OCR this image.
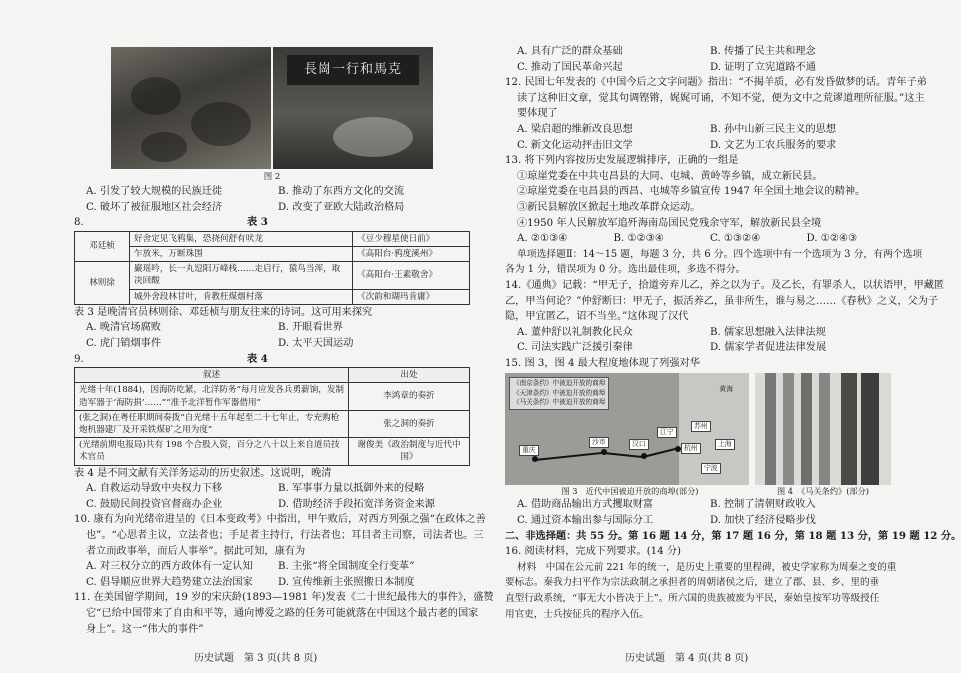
長崗一行和馬克
图 2
A. 引发了较大规模的民族迁徙	B. 推动了东西方文化的交流
C. 破坏了被征服地区社会经济	D. 改变了亚欧大陆政治格局
8.	表 3
邓廷桢	好舍定见飞鸦集，恐挠何舒有吠龙	《豆少穆星使日前》
	乍放米，万断珠围	《高阳台·鸦度溪州》
林则徐	巖瑶吟，长一丸逗阳万峰栈……走启行，猿鸟当浑，取决回酸	《高阳台·王素敬舍》
	城外舍段林甘叶，肯教枉煤烟村落	《次韵和瑚玛肯庸》
表 3 是晚清官员林则徐、邓廷桢与朋友往来的诗词。这可用来探究
A. 晚清官场腐败	B. 开眼看世界
C. 虎门销烟事件	D. 太平天国运动
9.	表 4
叙述	出处
光绪十年(1884)，因海防吃紧，北洋防务“每月应发各兵勇薪饷，发制造军器于‘海防捐’……”“准予北洋暂作军器借用”	李鸿章的奏折
(张之洞)在粤任职期间奏拨“自光绪十五年起至二十七年止，专充购枪炮机器建厂及开采铁煤矿之用为度”	张之洞的奏折
(光绪前期电报局)共有 198 个合股入资，百分之八十以上来自道员技术官员	谢俊美《政治制度与近代中国》
表 4 是不同文献有关洋务运动的历史叙述。这说明，晚清
A. 自救运动导致中央权力下移	B. 军事事力量以抵御外来的侵略
C. 鼓励民间投资官督商办企业	D. 借助经济手段拓宽洋务资金来源
10. 康有为向光绪帝进呈的《日本变政考》中指出，甲午败后，对西方列强之强“在政体之善
也”。“心思者主议，立法者也；手足者主持行，行法者也；耳目者主司察，司法者也。三
者立而政事举，而后人事举”。据此可知，康有为
A. 对三权分立的西方政体有一定认知	B. 主张“将全国制度全行变革”
C. 倡导顺应世界大趋势建立法治国家	D. 宣传维新主张照搬日本制度
11. 在美国留学期间，19 岁的宋庆龄(1893—1981 年)发表《二十世纪最伟大的事件》，盛赞
它“已给中国带来了自由和平等，通向博爱之路的任务可能就落在中国这个最古老的国家
身上”。这一“伟大的事件”
历史试题　第 3 页(共 8 页)
A. 具有广泛的群众基础	B. 传播了民主共和理念
C. 推动了国民革命兴起	D. 证明了立宪道路不通
12. 民国七年发表的《中国今后之文字问题》指出：“不揭羊质，必有发昏做梦的话。青年子弟
读了这种旧文章，觉其句调铿锵，娓娓可诵，不知不觉，便为文中之荒谬道理所征服。”这主
要体现了
A. 梁启超的维新改良思想	B. 孙中山新三民主义的思想
C. 新文化运动抨击旧文学	D. 文艺为工农兵服务的要求
13. 将下列内容按历史发展逻辑排序，正确的一组是
①琼崖党委在中共屯昌县的大同、屯城、黄岭等乡镇，成立新民县。
②琼崖党委在屯昌县的西昌、屯城等乡镇宣传 1947 年全国土地会议的精神。
③新民县解放区掀起土地改革群众运动。
④1950 年人民解放军追歼海南岛国民党残余守军，解放新民县全境
A. ②①③④	B. ①②③④	C. ①③②④	D. ①②④③
单项选择题Ⅱ：14～15 题，每题 3 分，共 6 分。四个选项中有一个选项为 3 分，有两个选项
各为 1 分，错误项为 0 分。选出最佳项，多选不得分。
14.《通典》记载：“甲无子，拾道旁弃儿乙，养之以为子。及乙长，有罪杀人，以状语甲，甲藏匿
乙，甲当何论？”仲舒断曰：甲无子，振活养乙，虽非所生，谁与易之……《春秋》之义，父为子
隐，甲宜匿乙，诏不当坐。”这体现了汉代
A. 董仲舒以礼制教化民众	B. 儒家思想融入法律法规
C. 司法实践广泛援引秦律	D. 儒家学者促进法律发展
15. 图 3，图 4 最大程度地体现了列强对华
黄海
《南京条约》中被迫开放的商埠
《天津条约》中被迫开放的商埠
《马关条约》中被迫开放的商埠
重庆
沙市	汉口
江宁
苏州
杭州	上海
宁波
图 3　近代中国被迫开放的商埠(部分)	图 4　《马关条约》(部分)
A. 借助商品输出方式攫取财富	B. 控制了清朝财政收入
C. 通过资本输出参与国际分工	D. 加快了经济侵略步伐
二、非选择题：共 55 分。第 16 题 14 分，第 17 题 16 分，第 18 题 13 分，第 19 题 12 分。
16. 阅读材料，完成下列要求。(14 分)
材料　中国在公元前 221 年的统一，是历史上重要的里程碑，被史学家称为周秦之变的重
要标志。秦我力扫平作为宗法政制之承担者的周朝诸侯之后，建立了郡、县、乡、里的垂
直型行政系统，“事无大小皆决于上”。所六国的贵族被废为平民，秦始皇按军功等级授任
用官吏，士兵按征兵的程序入伍。
历史试题　第 4 页(共 8 页)
